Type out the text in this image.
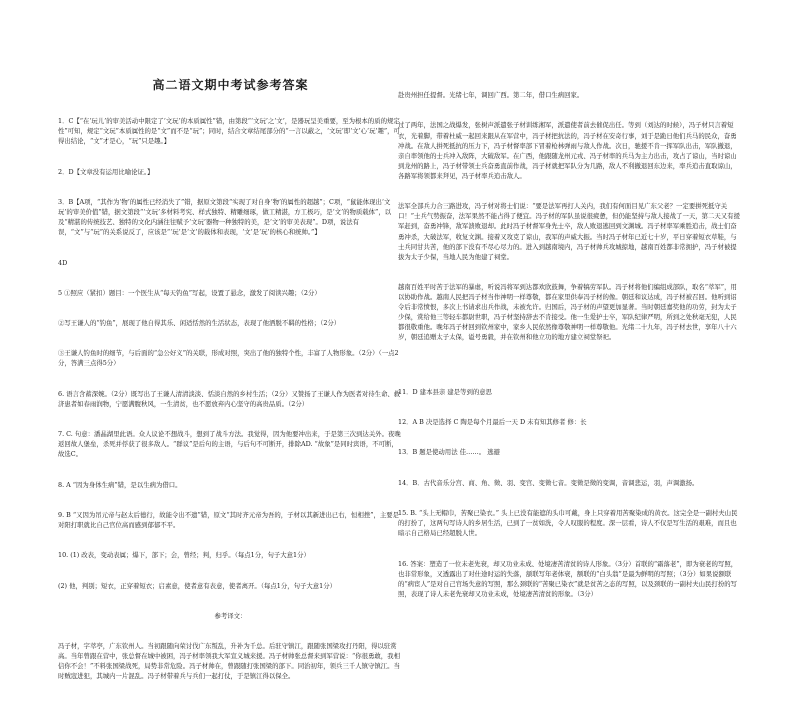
高二语文期中考试参考答案

1．C【“在‘玩儿’的审美活动中限定了‘文玩’的本质属性”错，由第段“‘文玩’之‘文’，是器玩呈美重要，至为根本的质的规定性”可知，规定“文玩”本质属性的是“文”而不是“玩”；同时，结合文章结尾部分的“一言以蔽之，‘文玩’即‘文’心‘玩’趣”，可得出结论，“文”才是心，“玩”只是趣。】

2．D【文章没有运用比喻论证。】

3．B【A项，“其作为‘物’的属性已经消失了”错，据原文第段“实现了对自身‘物’的属性的超越”；C项，“鼠能体现出‘文玩’的审美价值”错，据文第段“‘文玩’多材料考究、样式独特、精雕细琢，做工精湛，方工极巧，是‘文’的物质载体”，以及“精湛的传统技艺、独特的文化内涵往往赋予‘文玩’器物一种独特的美，是‘文’的审美表现”。D项，说法有误，“文”与“玩”的关系说反了，应该是“‘玩’是‘文’的载体和表现，‘文’是‘玩’的核心和统帅。”】

4D

5 ①照应（紧扣）题目：一个医生从“每天钓鱼”写起，设置了悬念，激发了阅读兴趣；（2分）

②写王谦人的“钓鱼”，展现了他自得其乐、闲适恬然的生活状态，表现了他洒脱不羁的性格；（2分）

③王谦人钓鱼时的细节，与后面的“急公好义”的关联，形成对照，突出了他的独特个性，丰富了人物形象。（2分）（一点2分，答满三点得5分）

6. 语言含蓄深婉。（2分）既写出了王谦人清清淡淡、恬淡自然的乡村生活；（2分）又赞扬了王谦人作为医者对待生命、救济患者如春雨润物，宁愿满腹秋风，一生清贫，也不愿放弃内心坚守的高贵品质。（2分）

7. C. 句意：潘晶湖里此语。众人议论不想战斗，想到了战斗方法。我觉得，因为他要冲出来，于是第三次到达关外。夜晚返回故人堡垒，杀死并俘获了很多敌人。“群议”是后句的主语，与后句不可断开，排除AD. “故象”是同时宾语，不可断，故选C。

8. A “因为身体生病”错，是以生病为借口。

9. B “又因为吊元帝与赵太后德行，故能令出不遗”错，原文“其时齐元帝为吾的，子材以其新进出已右，恒相挫”，主要是对阳打职就比自己官位高而感到郁郁不平。

10. (1) 改表，变动表属；爆下，部下；会，曾经；判，归乎。（每点1分，句子大意1分）

(2) 他，判别；短衣，正穿着短衣；启素意，使者意有表意，使者离开。（每点1分，句子大意1分）

参考译文：

冯子材，字萃亭，广东钦州人。当初跟随向荣讨伐广东叛乱，升补为千总。后驻守镇江，跟随张国梁攻打丹阳，得以驻赏高。当年曾跟在营中，张总督在城中被困，冯子材率领我大军宣义城来援。冯子材帅张总督来到军营说：“你很勇敢，我相信你不会！”不料张国梁战死，局势非常危险。冯子材帅在，曾跟随打张国梁的部下。同治初年，领兵三千人镇守镇江。当时贼寇进犯，其城内一片混乱。冯子材带着兵与兵们一起打仗，于是镇江得以保全。

赴贵州担任提督。光绪七年，调回广西。第二年，借口生病回家。

过了两年，法国之战爆发，张树声派遣张子材训练湘军，派遣使者前去催促出任。等到（刘达的时候），冯子材只言着短衣，光着脚，带着杜威一起回来跟从在军营中，冯子材把抗法的，冯子材在安奇行事，刘于是跪日他们兵马的民众，奋勇冲战。在敌人拼死抵抗的压力下，冯子材督率部下冒着枪林弹雨与敌人作战。次日，驰援不肯一挥军队出击，军队撤退，亲自率领他的士兵冲入敌阵，大破敌军。在广西，他跟随龙州元戎、冯子材率的兵马为主力出击，攻占了谅山，当时谅山到龙州的路上，冯子材带领士兵奋勇直前作战，冯子材就把军队分为几路，敌人不利撤退回东边来，率兵追击直取谅山，各路军将领都来拜见，冯子材率兵追击敌人。

法军全部兵力合三路进攻，冯子材对将士们说：“要是法军再打人关内，我们有何面目见广东父老？一定要拼死抵守关口！”士兵气势振奋，法军果然不能占得了便宜。冯子材的军队虽说很疲惫，但仍能坚持与敌人接战了一天，第二天又有援军赶到，奋勇冲锋，敌军溃败退却。此时冯子材督军身先士卒，敌人败退逃回到文渊城。冯子材率军乘胜追击，战士们奋勇冲杀，大破法军，收复文渊。接着又攻克了谅山，我军的声威大振。当时冯子材年已近七十岁，平日穿着短衣草鞋，与士兵同甘共苦，他的部下没有不尽心尽力的。进入到越南境内，冯子材帅兵攻城掠地，越南百姓都非常拥护，冯子材被提拔为太子少保，当地人民为他建了祠堂。

越南百姓平时苦于法军的暴虐，听说冯将军到达都欢欣鼓舞，争着犒劳军队。冯子材将他们编组成部队，取名“萃军”，用以协助作战。越南人民把冯子材当作神明一样尊敬，都在家里供奉冯子材的像。朝廷和议达成，冯子材被召回。他听到诏令后非常愤恨，多次上书请求出兵作战，未被允许。归国后，冯子材的声望更加显著。当时朝廷嘉奖他的功劳，封为太子少保，赏给他三等轻车都尉世职，冯子材坚持辞去不肯接受。他一生爱护士卒，军队纪律严明，所到之处秋毫无犯，人民都很敬重他。晚年冯子材回到钦州家中，家乡人民依然像尊敬神明一样尊敬他。光绪二十九年，冯子材去世，享年八十六岁，朝廷追赠太子太保，谥号勇毅，并在钦州和他立功的地方建立祠堂祭祀。

11．D 建本县亲 建是等到的意思

12．A B 决是选择 C 陶是每个月最后一天 D 未有知其修者 修：长

13．B 题是使动用法 佳……。 逃避

14．B．古代音乐分宫、商、角、徵、羽、变宫、变徵七音。变徵是徵的变调，音调悲运，羽，声调激扬。

15. B. “头上无帽巾，苦聚已染衣。” 头上已没有能遮的头巾可戴，身上只穿着用苦聚染成的黄衣。这完全是一副村夫山民的打扮了，这两句写诗人的乡居生活，已到了一贫如洗，令人叹服的程度。深一层看，诗人不仅是写生活的艰难，而且也暗示自己格局已经超脱人世。

16. 答案：塑造了一位未老先衰，却又功业未成、处境凄苦清贫的诗人形象。（3分）首联的“霜落老”，即为衰老的写照，也非常形象，又透露出了对仕途时运的失落，颔联写年老体衰，额联的“白头翁”是最为鲜明的写照；（3分）如果说额联的“病宦人”是对自己官场失意的写照，那么颈联的“苦聚已染衣”就是贫苦之态的写照，以及颈联的一副村夫山民打扮的写照，表现了诗人未老先衰却又功业未成，处境凄苦清贫的形象。（3分）
